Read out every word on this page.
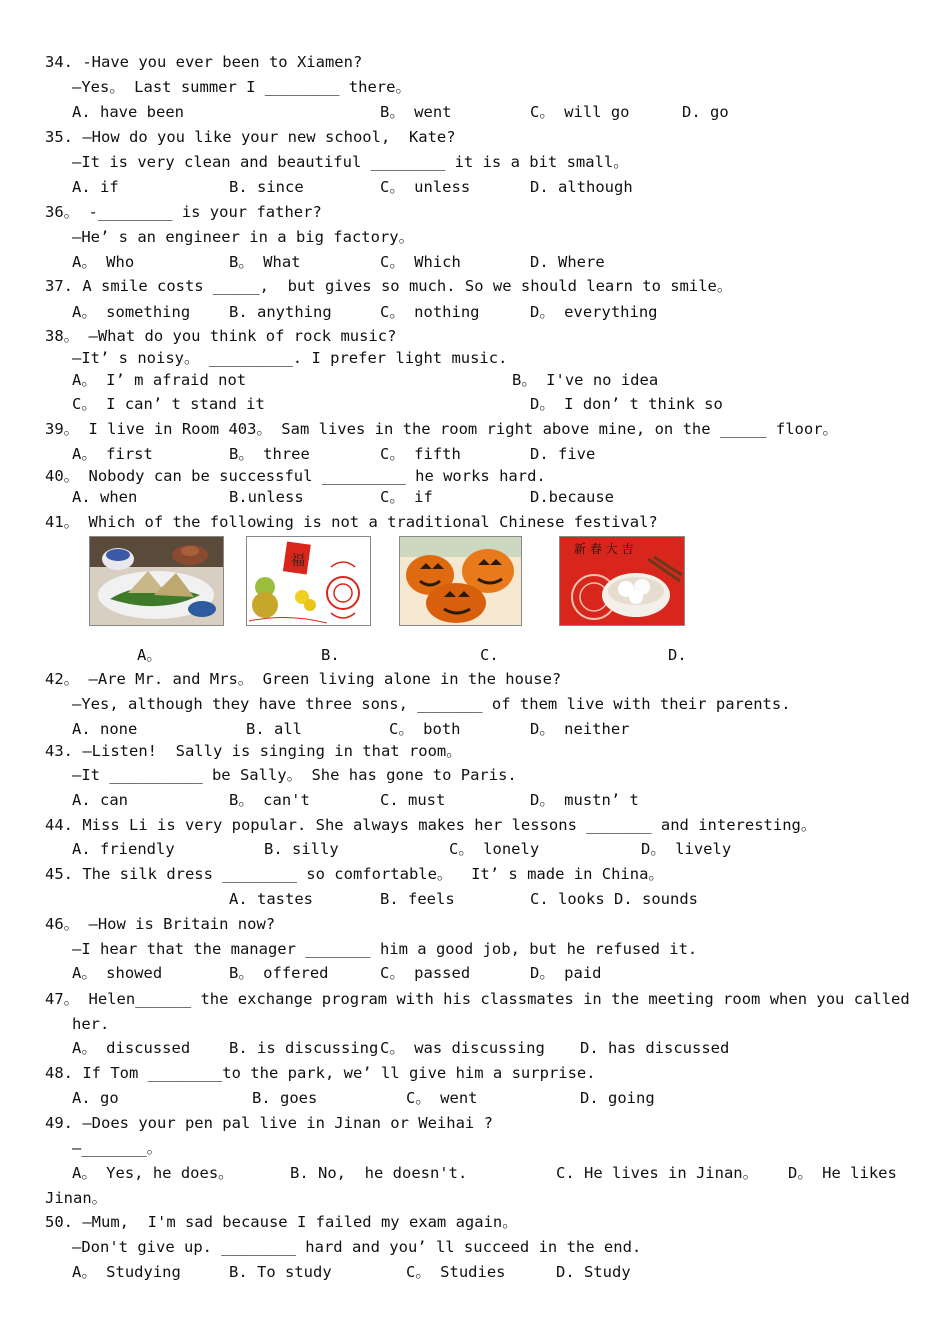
34. -Have you ever been to Xiamen?
—Yes。 Last summer I ________ there。
A. have been	B。 went	C。 will go	D. go
35. —How do you like your new school,  Kate?
—It is very clean and beautiful ________ it is a bit small。
A. if	B. since	C。 unless	D. although
36。 -________ is your father?
—He’ s an engineer in a big factory。
A。 Who	B。 What	C。 Which	D. Where
37. A smile costs _____,  but gives so much. So we should learn to smile。
A。 something	B. anything	C。 nothing	D。 everything
38。 —What do you think of rock music?
—It’ s noisy。 _________. I prefer light music.
A。 I’ m afraid not	B。 I've no idea
C。 I can’ t stand it	D。 I don’ t think so
39。 I live in Room 403。 Sam lives in the room right above mine, on the _____ floor。
A。 first	B。 three	C。 fifth	D. five
40。 Nobody can be successful _________ he works hard.
A. when	B.unless	C。 if	D.because
41。 Which of the following is not a traditional Chinese festival?
福
新 春 大 吉
A。	B.	C.	D.
42。 —Are Mr. and Mrs。 Green living alone in the house?
—Yes, although they have three sons, _______ of them live with their parents.
A. none	B. all	C。 both	D。 neither
43. —Listen!  Sally is singing in that room。
—It __________ be Sally。 She has gone to Paris.
A. can	B。 can't	C. must	D。 mustn’ t
44. Miss Li is very popular. She always makes her lessons _______ and interesting。
A. friendly	B. silly	C。 lonely	D。 lively
45. The silk dress ________ so comfortable。  It’ s made in China。
A. tastes	B. feels	C. looks D. sounds
46。 —How is Britain now?
—I hear that the manager _______ him a good job, but he refused it.
A。 showed	B。 offered	C。 passed	D。 paid
47。 Helen______ the exchange program with his classmates in the meeting room when you called
her.
A。 discussed	B. is discussing C。 was discussing D. has discussed
48. If Tom ________to the park, we’ ll give him a surprise.
A. go	B. goes	C。 went	D. going
49. —Does your pen pal live in Jinan or Weihai ?
—_______。
A。 Yes, he does。	B. No,  he doesn't.	C. He lives in Jinan。 D。 He likes
Jinan。
50. —Mum,  I'm sad because I failed my exam again。
—Don't give up. ________ hard and you’ ll succeed in the end.
A。 Studying	B. To study	C。 Studies	D. Study
